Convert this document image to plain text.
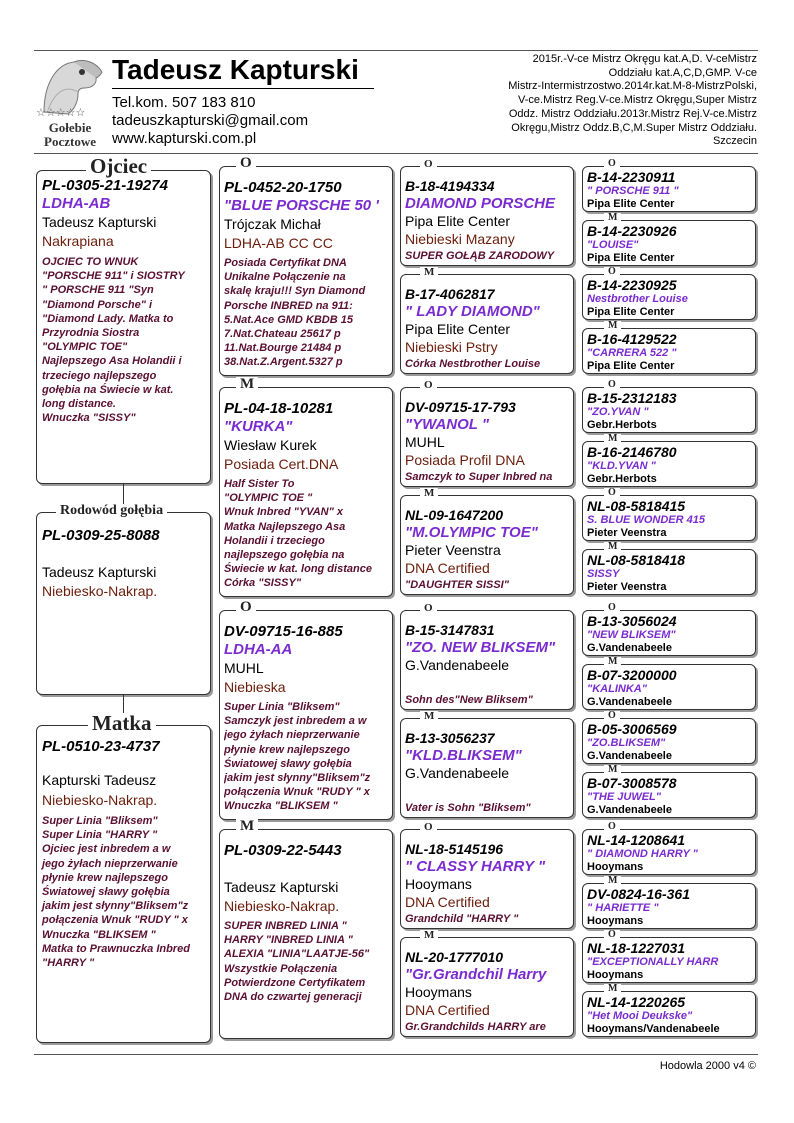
☆☆☆☆☆
Gołebie
Pocztowe
Tadeusz Kapturski
Tel.kom. 507 183 810
tadeuszkapturski@gmail.com
www.kapturski.com.pl
2015r.-V-ce Mistrz Okręgu kat.A,D. V-ceMistrz
Oddziału kat.A,C,D,GMP. V-ce
Mistrz-Intermistrzostwo.2014r.kat.M-8-MistrzPolski,
V-ce.Mistrz Reg.V-ce.Mistrz Okręgu,Super Mistrz
Oddz. Mistrz Oddziału.2013r.Mistrz Rej.V-ce.Mistrz
Okręgu,Mistrz Oddz.B,C,M.Super Mistrz Oddziału.
Szczecin
PL-0305-21-19274
LDHA-AB
Tadeusz Kapturski
Nakrapiana
OJCIEC TO WNUK
"PORSCHE 911" i SIOSTRY
" PORSCHE 911 "Syn
"Diamond Porsche" i
"Diamond Lady. Matka to
Przyrodnia Siostra
"OLYMPIC TOE"
Najlepszego Asa Holandii i
trzeciego najlepszego
gołębia na Świecie w kat.
long distance.
Wnuczka "SISSY"
Ojciec
PL-0309-25-8088
Tadeusz Kapturski
Niebiesko-Nakrap.
Rodowód gołębia
PL-0510-23-4737
Kapturski Tadeusz
Niebiesko-Nakrap.
Super Linia "Bliksem"
Super Linia "HARRY "
Ojciec jest inbredem a w
jego żyłach nieprzerwanie
płynie krew najlepszego
Światowej sławy gołębia
jakim jest słynny"Bliksem"z
połączenia Wnuk "RUDY " x
Wnuczka "BLIKSEM "
Matka to Prawnuczka Inbred
"HARRY "
Matka
PL-0452-20-1750
"BLUE PORSCHE 50 '
Trójczak Michał
LDHA-AB CC CC
Posiada Certyfikat DNA
Unikalne Połączenie na
skalę kraju!!! Syn Diamond
Porsche INBRED na 911:
5.Nat.Ace GMD KBDB 15
7.Nat.Chateau 25617 p
11.Nat.Bourge 21484 p
38.Nat.Z.Argent.5327 p

O
PL-04-18-10281
"KURKA"
Wiesław Kurek
Posiada Cert.DNA
Half Sister To
"OLYMPIC TOE "
Wnuk Inbred "YVAN" x
Matka Najlepszego Asa
Holandii i trzeciego
najlepszego gołębia na
Świecie w kat. long distance
Córka "SISSY"
M
DV-09715-16-885
LDHA-AA
MUHL
Niebieska
Super Linia "Bliksem"
Samczyk jest inbredem a w
jego żyłach nieprzerwanie
płynie krew najlepszego
Światowej sławy gołębia
jakim jest słynny"Bliksem"z
połączenia Wnuk "RUDY " x
Wnuczka "BLIKSEM "
O
PL-0309-22-5443
Tadeusz Kapturski
Niebiesko-Nakrap.
SUPER INBRED LINIA "
HARRY "INBRED LINIA "
ALEXIA "LINIA"LAATJE-56"
Wszystkie Połączenia
Potwierdzone Certyfikatem
DNA do czwartej generacji
M
B-18-4194334
DIAMOND PORSCHE
Pipa Elite Center
Niebieski Mazany
SUPER GOŁĄB ZARODOWY
O
B-17-4062817
" LADY DIAMOND"
Pipa Elite Center
Niebieski Pstry
Córka Nestbrother Louise
M
DV-09715-17-793
"YWANOL "
MUHL
Posiada Profil DNA
Samczyk to Super Inbred na
O
NL-09-1647200
"M.OLYMPIC TOE"
Pieter Veenstra
DNA Certified
"DAUGHTER SISSI"
M
B-15-3147831
"ZO. NEW BLIKSEM"
G.Vandenabeele
Sohn des"New Bliksem"
O
B-13-3056237
"KLD.BLIKSEM"
G.Vandenabeele
Vater is Sohn "Bliksem"
M
NL-18-5145196
" CLASSY HARRY "
Hooymans
DNA Certified
Grandchild "HARRY "
O
NL-20-1777010
"Gr.Grandchil Harry
Hooymans
DNA Certified
Gr.Grandchilds HARRY are
M
B-14-2230911
" PORSCHE 911 "
Pipa Elite Center
O
B-14-2230926
"LOUISE"
Pipa Elite Center
M
B-14-2230925
Nestbrother Louise
Pipa Elite Center
O
B-16-4129522
"CARRERA 522 "
Pipa Elite Center
M
B-15-2312183
"ZO.YVAN "
Gebr.Herbots
O
B-16-2146780
"KLD.YVAN "
Gebr.Herbots
M
NL-08-5818415
S. BLUE WONDER 415
Pieter Veenstra
O
NL-08-5818418
SISSY
Pieter Veenstra
M
B-13-3056024
"NEW BLIKSEM"
G.Vandenabeele
O
B-07-3200000
"KALINKA"
G.Vandenabeele
M
B-05-3006569
"ZO.BLIKSEM"
G.Vandenabeele
O
B-07-3008578
"THE JUWEL"
G.Vandenabeele
M
NL-14-1208641
" DIAMOND HARRY "
Hooymans
O
DV-0824-16-361
" HARIETTE "
Hooymans
M
NL-18-1227031
"EXCEPTIONALLY HARR
Hooymans
O
NL-14-1220265
"Het Mooi Deukske"
Hooymans/Vandenabeele
M
Hodowla 2000 v4 ©
